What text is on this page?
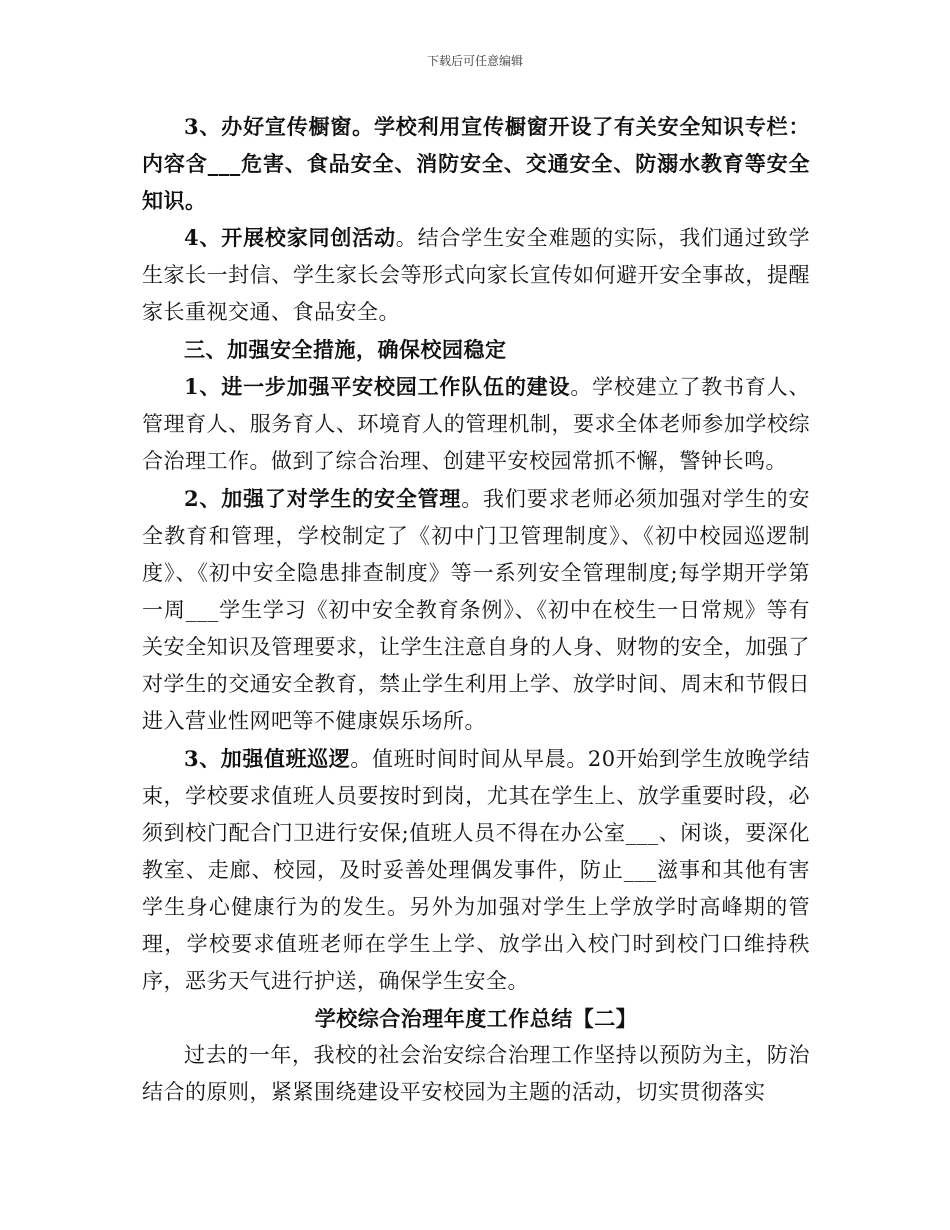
下载后可任意编辑

3、办好宣传橱窗。学校利用宣传橱窗开设了有关安全知识专栏：内容含___危害、食品安全、消防安全、交通安全、防溺水教育等安全知识。

4、开展校家同创活动。结合学生安全难题的实际，我们通过致学生家长一封信、学生家长会等形式向家长宣传如何避开安全事故，提醒家长重视交通、食品安全。

三、加强安全措施，确保校园稳定

1、进一步加强平安校园工作队伍的建设。学校建立了教书育人、管理育人、服务育人、环境育人的管理机制，要求全体老师参加学校综合治理工作。做到了综合治理、创建平安校园常抓不懈，警钟长鸣。

2、加强了对学生的安全管理。我们要求老师必须加强对学生的安全教育和管理，学校制定了《初中门卫管理制度》、《初中校园巡逻制度》、《初中安全隐患排查制度》等一系列安全管理制度;每学期开学第一周___学生学习《初中安全教育条例》、《初中在校生一日常规》等有关安全知识及管理要求，让学生注意自身的人身、财物的安全，加强了对学生的交通安全教育，禁止学生利用上学、放学时间、周末和节假日进入营业性网吧等不健康娱乐场所。

3、加强值班巡逻。值班时间时间从早晨。20开始到学生放晚学结束，学校要求值班人员要按时到岗，尤其在学生上、放学重要时段，必须到校门配合门卫进行安保;值班人员不得在办公室___、闲谈，要深化教室、走廊、校园，及时妥善处理偶发事件，防止___滋事和其他有害学生身心健康行为的发生。另外为加强对学生上学放学时高峰期的管理，学校要求值班老师在学生上学、放学出入校门时到校门口维持秩序，恶劣天气进行护送，确保学生安全。

学校综合治理年度工作总结【二】

过去的一年，我校的社会治安综合治理工作坚持以预防为主，防治结合的原则，紧紧围绕建设平安校园为主题的活动，切实贯彻落实
